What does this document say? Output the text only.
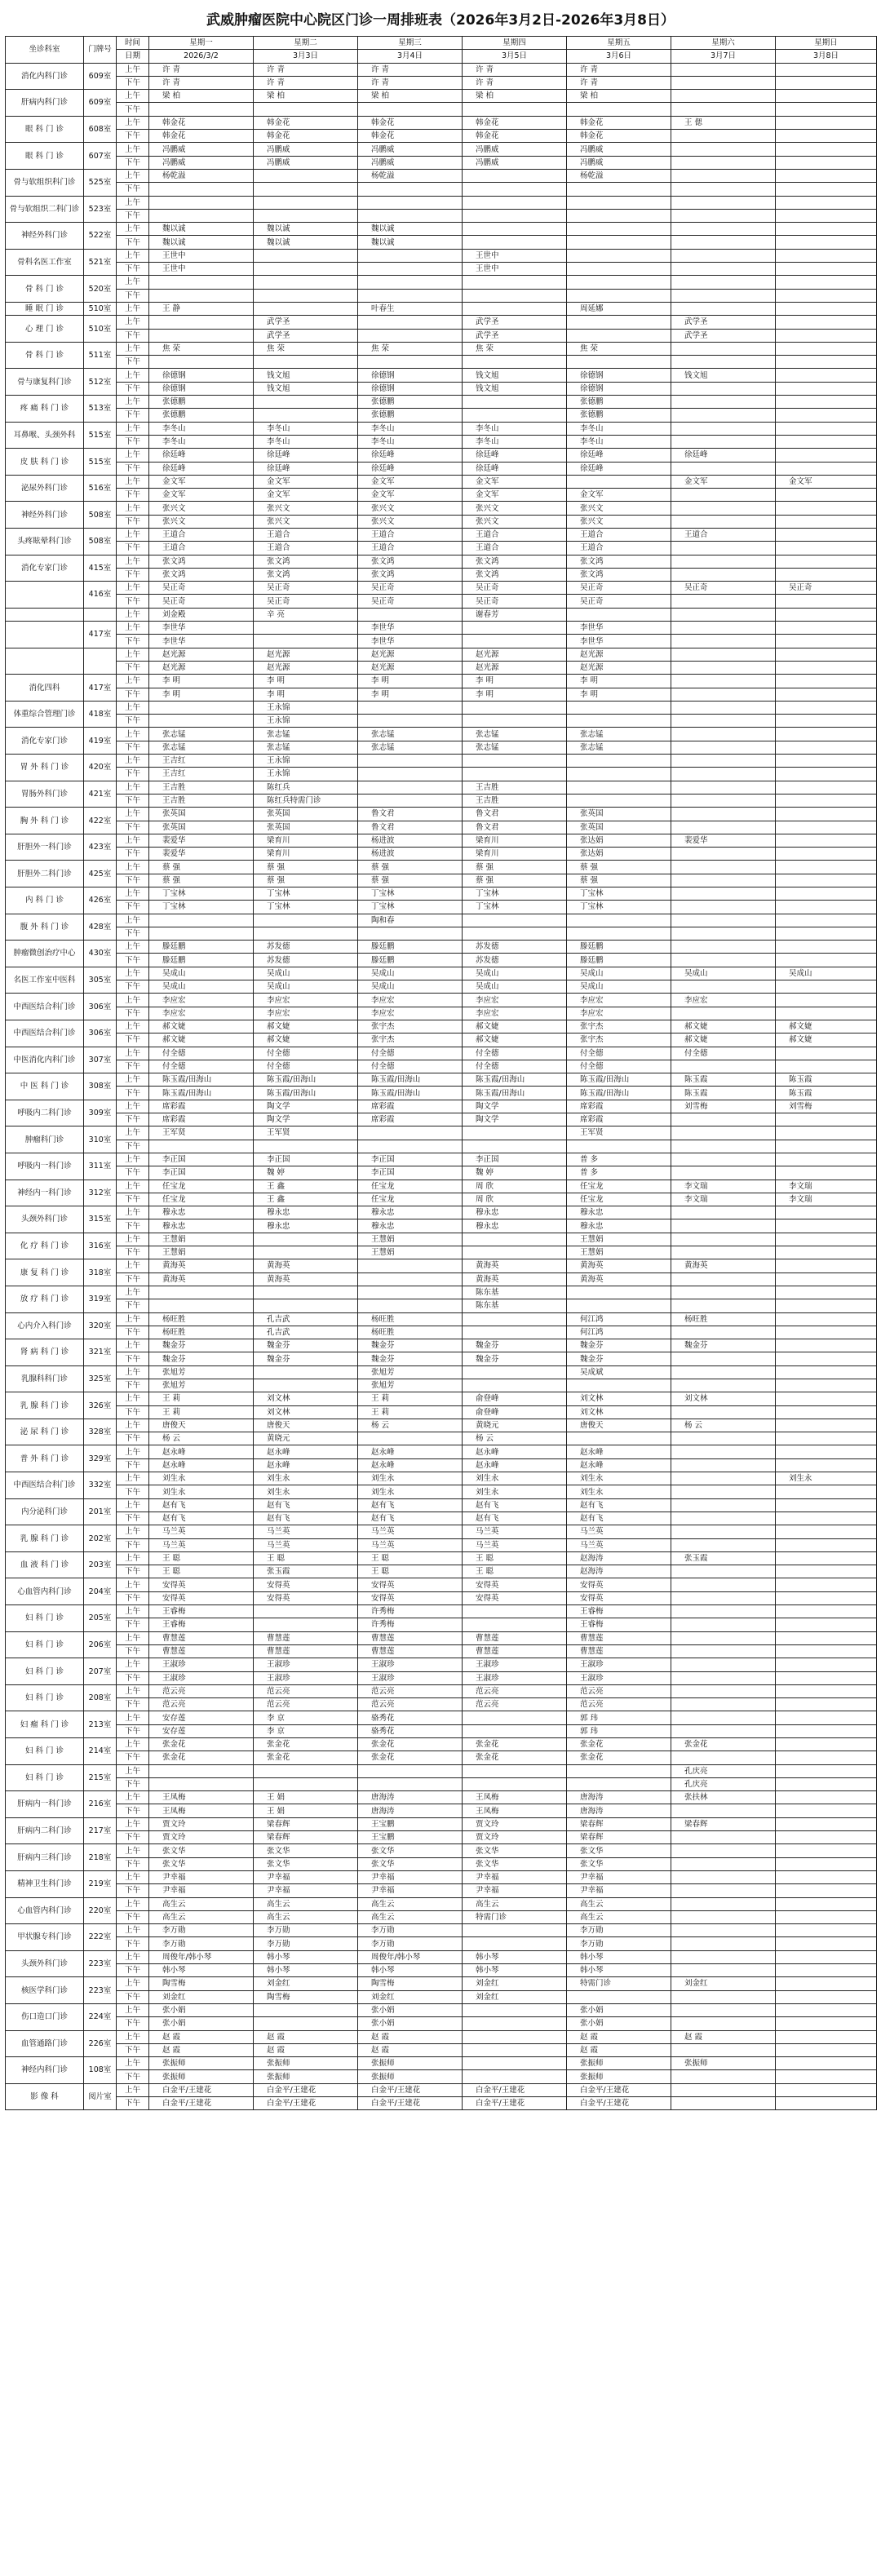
武威肿瘤医院中心院区门诊一周排班表（2026年3月2日-2026年3月8日）
坐诊科室	门牌号	时间	星期一	星期二	星期三	星期四	星期五	星期六	星期日
		日期	2026/3/2	3月3日	3月4日	3月5日	3月6日	3月7日	3月8日
消化内科门诊	609室	上午	许 青	许 青	许 青	许 青	许 青		
		下午	许 青	许 青	许 青	许 青	许 青		
肝病内科门诊	609室	上午	梁 柏	梁 柏	梁 柏	梁 柏	梁 柏		
		下午							
眼 科 门 诊	608室	上午	韩金花	韩金花	韩金花	韩金花	韩金花	王 偲	
		下午	韩金花	韩金花	韩金花	韩金花	韩金花		
眼 科 门 诊	607室	上午	冯鹏威	冯鹏威	冯鹏威	冯鹏威	冯鹏威		
		下午	冯鹏威	冯鹏威	冯鹏威	冯鹏威	冯鹏威		
骨与软组织科门诊	525室	上午	杨乾溢		杨乾溢		杨乾溢		
		下午							
骨与软组织二科门诊	523室	上午							
		下午							
神经外科门诊	522室	上午	魏以诚	魏以诚	魏以诚				
		下午	魏以诚	魏以诚	魏以诚				
骨科名医工作室	521室	上午	王世中			王世中			
		下午	王世中			王世中			
骨 科 门 诊	520室	上午							
		下午							
睡 眠 门 诊	510室	上午	王 静		叶春生		周延娜		
心 理 门 诊	510室	上午		武学圣		武学圣		武学圣	
		下午		武学圣		武学圣		武学圣	
骨 科 门 诊	511室	上午	焦 荣	焦 荣	焦 荣	焦 荣	焦 荣		
		下午							
骨与康复科门诊	512室	上午	徐德钢	钱文旭	徐德钢	钱文旭	徐德钢	钱文旭	
		下午	徐德钢	钱文旭	徐德钢	钱文旭	徐德钢		
疼 痛 科 门 诊	513室	上午	张德鹏		张德鹏		张德鹏		
		下午	张德鹏		张德鹏		张德鹏		
耳鼻喉、头颈外科	515室	上午	李冬山	李冬山	李冬山	李冬山	李冬山		
		下午	李冬山	李冬山	李冬山	李冬山	李冬山		
皮 肤 科 门 诊	515室	上午	徐廷峰	徐廷峰	徐廷峰	徐廷峰	徐廷峰	徐廷峰	
		下午	徐廷峰	徐廷峰	徐廷峰	徐廷峰	徐廷峰		
泌尿外科门诊	516室	上午	金文军	金文军	金文军	金文军		金文军	金文军
		下午	金文军	金文军	金文军	金文军	金文军		
神经外科门诊	508室	上午	张兴文	张兴文	张兴文	张兴文	张兴文		
		下午	张兴文	张兴文	张兴文	张兴文	张兴文		
头疼眩晕科门诊	508室	上午	王道合	王道合	王道合	王道合	王道合	王道合	
		下午	王道合	王道合	王道合	王道合	王道合		
消化专家门诊	415室	上午	张文鸿	张文鸿	张文鸿	张文鸿	张文鸿		
		下午	张文鸿	张文鸿	张文鸿	张文鸿	张文鸿		
	416室	上午	吴正奇	吴正奇	吴正奇	吴正奇	吴正奇	吴正奇	吴正奇
		下午	吴正奇	吴正奇	吴正奇	吴正奇	吴正奇		
		上午	刘金殿	辛 亮		谢春芳			
	417室	上午	李世华		李世华		李世华		
		下午	李世华		李世华		李世华		
		上午	赵光源	赵光源	赵光源	赵光源	赵光源		
		下午	赵光源	赵光源	赵光源	赵光源	赵光源		
消化四科	417室	上午	李 明	李 明	李 明	李 明	李 明		
		下午	李 明	李 明	李 明	李 明	李 明		
体重综合管理门诊	418室	上午		王永锦					
		下午		王永锦					
消化专家门诊	419室	上午	张志锰	张志锰	张志锰	张志锰	张志锰		
		下午	张志锰	张志锰	张志锰	张志锰	张志锰		
胃 外 科 门 诊	420室	上午	王吉红	王永锦					
		下午	王吉红	王永锦					
胃肠外科门诊	421室	上午	王吉胜	陈红兵		王吉胜			
		下午	王吉胜	陈红兵特需门诊		王吉胜			
胸 外 科 门 诊	422室	上午	张英国	张英国	鲁文君	鲁文君	张英国		
		下午	张英国	张英国	鲁文君	鲁文君	张英国		
肝胆外一科门诊	423室	上午	裴爱华	梁育川	杨进波	梁育川	张达娟	裴爱华	
		下午	裴爱华	梁育川	杨进波	梁育川	张达娟		
肝胆外二科门诊	425室	上午	蔡 强	蔡 强	蔡 强	蔡 强	蔡 强		
		下午	蔡 强	蔡 强	蔡 强	蔡 强	蔡 强		
内 科 门 诊	426室	上午	丁宝林	丁宝林	丁宝林	丁宝林	丁宝林		
		下午	丁宝林	丁宝林	丁宝林	丁宝林	丁宝林		
腹 外 科 门 诊	428室	上午			陶和春				
		下午							
肿瘤微创治疗中心	430室	上午	滕廷鹏	苏发德	滕廷鹏	苏发德	滕廷鹏		
		下午	滕廷鹏	苏发德	滕廷鹏	苏发德	滕廷鹏		
名医工作室中医科	305室	上午	吴成山	吴成山	吴成山	吴成山	吴成山	吴成山	吴成山
		下午	吴成山	吴成山	吴成山	吴成山	吴成山		
中西医结合科门诊	306室	上午	李应宏	李应宏	李应宏	李应宏	李应宏	李应宏	
		下午	李应宏	李应宏	李应宏	李应宏	李应宏		
中西医结合科门诊	306室	上午	郝文婕	郝文婕	张宇杰	郝文婕	张宇杰	郝文婕	郝文婕
		下午	郝文婕	郝文婕	张宇杰	郝文婕	张宇杰	郝文婕	郝文婕
中医消化内科门诊	307室	上午	付全德	付全德	付全德	付全德	付全德	付全德	
		下午	付全德	付全德	付全德	付全德	付全德		
中 医 科 门 诊	308室	上午	陈玉霞/田海山	陈玉霞/田海山	陈玉霞/田海山	陈玉霞/田海山	陈玉霞/田海山	陈玉霞	陈玉霞
		下午	陈玉霞/田海山	陈玉霞/田海山	陈玉霞/田海山	陈玉霞/田海山	陈玉霞/田海山	陈玉霞	陈玉霞
呼吸内二科门诊	309室	上午	席彩霞	陶文学	席彩霞	陶文学	席彩霞	刘雪梅	刘雪梅
		下午	席彩霞	陶文学	席彩霞	陶文学	席彩霞		
肿瘤科门诊	310室	上午	王军贤	王军贤			王军贤		
		下午							
呼吸内一科门诊	311室	上午	李正国	李正国	李正国	李正国	普 多		
		下午	李正国	魏 婷	李正国	魏 婷	普 多		
神经内一科门诊	312室	上午	任宝龙	王 鑫	任宝龙	周 欣	任宝龙	李文瑞	李文瑞
		下午	任宝龙	王 鑫	任宝龙	周 欣	任宝龙	李文瑞	李文瑞
头颈外科门诊	315室	上午	穆永忠	穆永忠	穆永忠	穆永忠	穆永忠		
		下午	穆永忠	穆永忠	穆永忠	穆永忠	穆永忠		
化 疗 科 门 诊	316室	上午	王慧娟		王慧娟		王慧娟		
		下午	王慧娟		王慧娟		王慧娟		
康 复 科 门 诊	318室	上午	黄海英	黄海英		黄海英	黄海英	黄海英	
		下午	黄海英	黄海英		黄海英	黄海英		
放 疗 科 门 诊	319室	上午				陈东基			
		下午				陈东基			
心内介入科门诊	320室	上午	杨旺胜	孔吉武	杨旺胜		何江鸿	杨旺胜	
		下午	杨旺胜	孔吉武	杨旺胜		何江鸿		
肾 病 科 门 诊	321室	上午	魏金芬	魏金芬	魏金芬	魏金芬	魏金芬	魏金芬	
		下午	魏金芬	魏金芬	魏金芬	魏金芬	魏金芬		
乳腺科科门诊	325室	上午	张旭芳		张旭芳		吴成斌		
		下午	张旭芳		张旭芳				
乳 腺 科 门 诊	326室	上午	王 莉	刘文林	王 莉	俞登峰	刘文林	刘文林	
		下午	王 莉	刘文林	王 莉	俞登峰	刘文林		
泌 尿 科 门 诊	328室	上午	唐俊天	唐俊天	杨 云	黄晓元	唐俊天	杨 云	
		下午	杨 云	黄晓元		杨 云			
普 外 科 门 诊	329室	上午	赵永峰	赵永峰	赵永峰	赵永峰	赵永峰		
		下午	赵永峰	赵永峰	赵永峰	赵永峰	赵永峰		
中西医结合科门诊	332室	上午	刘生永	刘生永	刘生永	刘生永	刘生永		刘生永
		下午	刘生永	刘生永	刘生永	刘生永	刘生永		
内分泌科门诊	201室	上午	赵有飞	赵有飞	赵有飞	赵有飞	赵有飞		
		下午	赵有飞	赵有飞	赵有飞	赵有飞	赵有飞		
乳 腺 科 门 诊	202室	上午	马兰英	马兰英	马兰英	马兰英	马兰英		
		下午	马兰英	马兰英	马兰英	马兰英	马兰英		
血 液 科 门 诊	203室	上午	王 聪	王 聪	王 聪	王 聪	赵海涛	张玉霞	
		下午	王 聪	张玉霞	王 聪	王 聪	赵海涛		
心血管内科门诊	204室	上午	安得英	安得英	安得英	安得英	安得英		
		下午	安得英	安得英	安得英	安得英	安得英		
妇 科 门 诊	205室	上午	王睿梅		许秀梅		王睿梅		
		下午	王睿梅		许秀梅		王睿梅		
妇 科 门 诊	206室	上午	曹慧莲	曹慧莲	曹慧莲	曹慧莲	曹慧莲		
		下午	曹慧莲	曹慧莲	曹慧莲	曹慧莲	曹慧莲		
妇 科 门 诊	207室	上午	王淑珍	王淑珍	王淑珍	王淑珍	王淑珍		
		下午	王淑珍	王淑珍	王淑珍	王淑珍	王淑珍		
妇 科 门 诊	208室	上午	范云亮	范云亮	范云亮	范云亮	范云亮		
		下午	范云亮	范云亮	范云亮	范云亮	范云亮		
妇 瘤 科 门 诊	213室	上午	安存莲	李 京	骆秀花		郭 玮		
		下午	安存莲	李 京	骆秀花		郭 玮		
妇 科 门 诊	214室	上午	张金花	张金花	张金花	张金花	张金花	张金花	
		下午	张金花	张金花	张金花	张金花	张金花		
妇 科 门 诊	215室	上午						孔庆亮	
		下午						孔庆亮	
肝病内一科门诊	216室	上午	王凤梅	王 娟	唐海涛	王凤梅	唐海涛	张扶林	
		下午	王凤梅	王 娟	唐海涛	王凤梅	唐海涛		
肝病内二科门诊	217室	上午	贾文玲	梁春辉	王宝鹏	贾文玲	梁春辉	梁春辉	
		下午	贾文玲	梁春辉	王宝鹏	贾文玲	梁春辉		
肝病内三科门诊	218室	上午	张文华	张文华	张文华	张文华	张文华		
		下午	张文华	张文华	张文华	张文华	张文华		
精神卫生科门诊	219室	上午	尹幸福	尹幸福	尹幸福	尹幸福	尹幸福		
		下午	尹幸福	尹幸福	尹幸福	尹幸福	尹幸福		
心血管内科门诊	220室	上午	高生云	高生云	高生云	高生云	高生云		
		下午	高生云	高生云	高生云	特需门诊	高生云		
甲状腺专科门诊	222室	上午	李万勋	李万勋	李万勋		李万勋		
		下午	李万勋	李万勋	李万勋		李万勋		
头颈外科门诊	223室	上午	周俊年/韩小琴	韩小琴	周俊年/韩小琴	韩小琴	韩小琴		
		下午	韩小琴	韩小琴	韩小琴	韩小琴	韩小琴		
核医学科门诊	223室	上午	陶雪梅	刘金红	陶雪梅	刘金红	特需门诊	刘金红	
		下午	刘金红	陶雪梅	刘金红	刘金红			
伤口造口门诊	224室	上午	张小娟		张小娟		张小娟		
		下午	张小娟		张小娟		张小娟		
血管通路门诊	226室	上午	赵 霞	赵 霞	赵 霞		赵 霞	赵 霞	
		下午	赵 霞	赵 霞	赵 霞		赵 霞		
神经内科门诊	108室	上午	张振师	张振师	张振师		张振师	张振师	
		下午	张振师	张振师	张振师		张振师		
影 像 科	阅片室	上午	白金平/王建花	白金平/王建花	白金平/王建花	白金平/王建花	白金平/王建花		
		下午	白金平/王建花	白金平/王建花	白金平/王建花	白金平/王建花	白金平/王建花		
